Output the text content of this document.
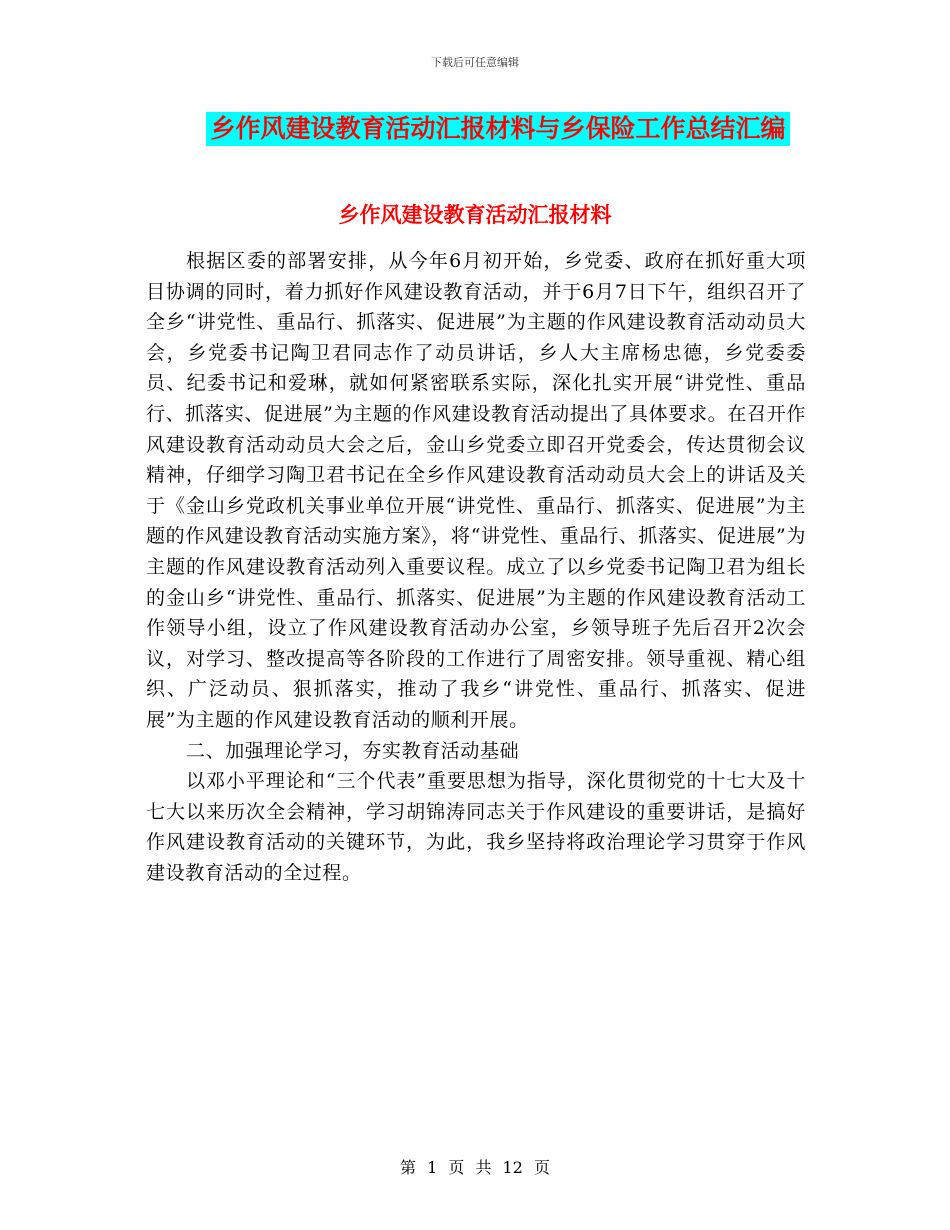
下载后可任意编辑
乡作风建设教育活动汇报材料与乡保险工作总结汇编
乡作风建设教育活动汇报材料

根据区委的部署安排，从今年6月初开始，乡党委、政府在抓好重大项目协调的同时，着力抓好作风建设教育活动，并于6月7日下午，组织召开了全乡“讲党性、重品行、抓落实、促进展”为主题的作风建设教育活动动员大会，乡党委书记陶卫君同志作了动员讲话，乡人大主席杨忠德，乡党委委员、纪委书记和爱琳，就如何紧密联系实际，深化扎实开展“讲党性、重品行、抓落实、促进展”为主题的作风建设教育活动提出了具体要求。在召开作风建设教育活动动员大会之后，金山乡党委立即召开党委会，传达贯彻会议精神，仔细学习陶卫君书记在全乡作风建设教育活动动员大会上的讲话及关于《金山乡党政机关事业单位开展“讲党性、重品行、抓落实、促进展”为主题的作风建设教育活动实施方案》，将“讲党性、重品行、抓落实、促进展”为主题的作风建设教育活动列入重要议程。成立了以乡党委书记陶卫君为组长的金山乡“讲党性、重品行、抓落实、促进展”为主题的作风建设教育活动工作领导小组，设立了作风建设教育活动办公室，乡领导班子先后召开2次会议，对学习、整改提高等各阶段的工作进行了周密安排。领导重视、精心组织、广泛动员、狠抓落实，推动了我乡“讲党性、重品行、抓落实、促进展”为主题的作风建设教育活动的顺利开展。

二、加强理论学习，夯实教育活动基础

以邓小平理论和“三个代表”重要思想为指导，深化贯彻党的十七大及十七大以来历次全会精神，学习胡锦涛同志关于作风建设的重要讲话，是搞好作风建设教育活动的关键环节，为此，我乡坚持将政治理论学习贯穿于作风建设教育活动的全过程。

第 1 页 共 12 页
